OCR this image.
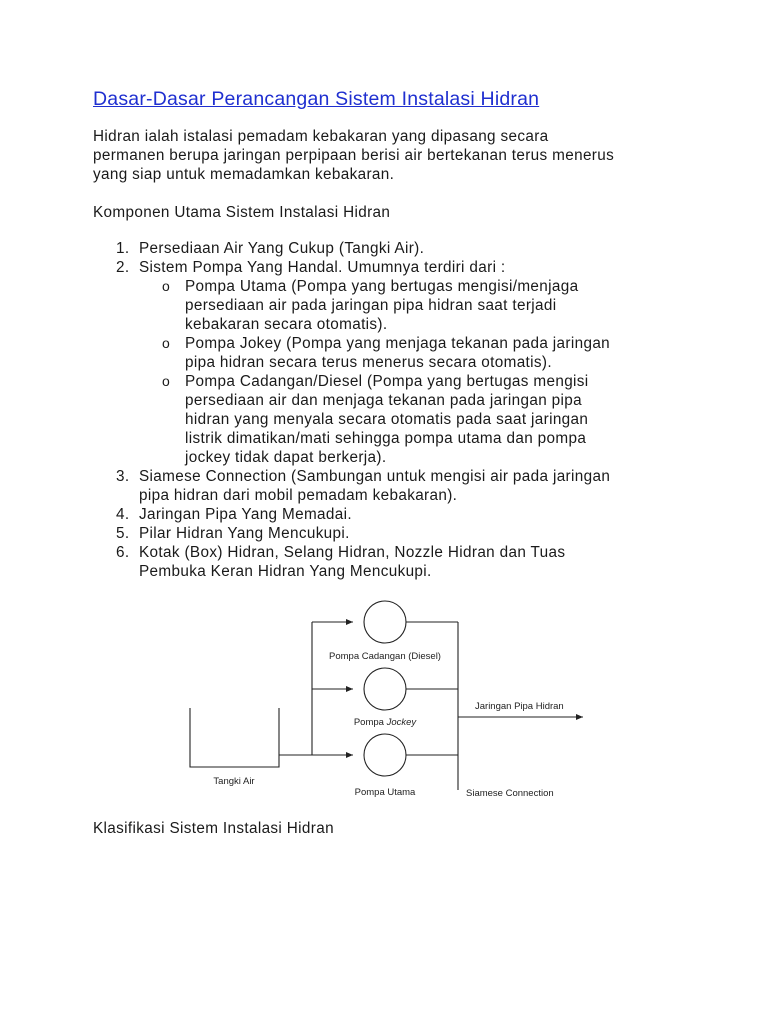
Dasar-Dasar Perancangan Sistem Instalasi Hidran
Hidran ialah istalasi pemadam kebakaran yang dipasang secara
permanen berupa jaringan perpipaan berisi air bertekanan terus menerus
yang siap untuk memadamkan kebakaran.
Komponen Utama Sistem Instalasi Hidran
1. Persediaan Air Yang Cukup (Tangki Air).
2. Sistem Pompa Yang Handal. Umumnya terdiri dari :
o Pompa Utama (Pompa yang bertugas mengisi/menjaga
persediaan air pada jaringan pipa hidran saat terjadi
kebakaran secara otomatis).
o Pompa Jokey (Pompa yang menjaga tekanan pada jaringan
pipa hidran secara terus menerus secara otomatis).
o Pompa Cadangan/Diesel (Pompa yang bertugas mengisi
persediaan air dan menjaga tekanan pada jaringan pipa
hidran yang menyala secara otomatis pada saat jaringan
listrik dimatikan/mati sehingga pompa utama dan pompa
jockey tidak dapat berkerja).
3. Siamese Connection (Sambungan untuk mengisi air pada jaringan
pipa hidran dari mobil pemadam kebakaran).
4. Jaringan Pipa Yang Memadai.
5. Pilar Hidran Yang Mencukupi.
6. Kotak (Box) Hidran, Selang Hidran, Nozzle Hidran dan Tuas
Pembuka Keran Hidran Yang Mencukupi.
Tangki Air
Pompa Cadangan (Diesel)
Pompa Jockey
Pompa Utama
Jaringan Pipa Hidran
Siamese Connection
Klasifikasi Sistem Instalasi Hidran
